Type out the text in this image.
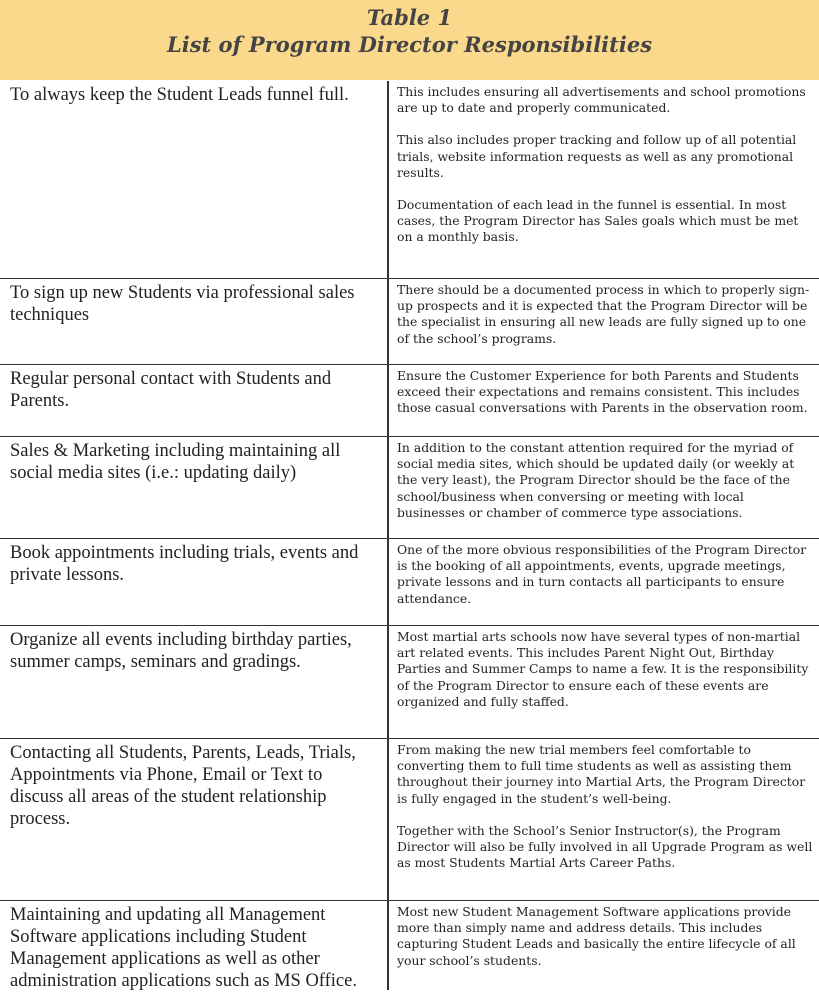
Table 1
List of Program Director Responsibilities
To always keep the Student Leads funnel full.	This includes ensuring all advertisements and school promotions are up to date and properly communicated.

This also includes proper tracking and follow up of all potential trials, website information requests as well as any promotional results.

Documentation of each lead in the funnel is essential. In most cases, the Program Director has Sales goals which must be met on a monthly basis.

To sign up new Students via professional sales techniques

There should be a documented process in which to properly sign-up prospects and it is expected that the Program Director will be the specialist in ensuring all new leads are fully signed up to one of the school’s programs.

Regular personal contact with Students and Parents.

Ensure the Customer Experience for both Parents and Students exceed their expectations and remains consistent. This includes those casual conversations with Parents in the observation room.

Sales & Marketing including maintaining all social media sites (i.e.: updating daily)

In addition to the constant attention required for the myriad of social media sites, which should be updated daily (or weekly at the very least), the Program Director should be the face of the school/business when conversing or meeting with local businesses or chamber of commerce type associations.

Book appointments including trials, events and private lessons.

One of the more obvious responsibilities of the Program Director is the booking of all appointments, events, upgrade meetings, private lessons and in turn contacts all participants to ensure attendance.

Organize all events including birthday parties, summer camps, seminars and gradings.

Most martial arts schools now have several types of non-martial art related events. This includes Parent Night Out, Birthday Parties and Summer Camps to name a few. It is the responsibility of the Program Director to ensure each of these events are organized and fully staffed.

Contacting all Students, Parents, Leads, Trials, Appointments via Phone, Email or Text to discuss all areas of the student relationship process.

From making the new trial members feel comfortable to converting them to full time students as well as assisting them throughout their journey into Martial Arts, the Program Director is fully engaged in the student’s well-being.

Together with the School’s Senior Instructor(s), the Program Director will also be fully involved in all Upgrade Program as well as most Students Martial Arts Career Paths.

Maintaining and updating all Management Software applications including Student Management applications as well as other administration applications such as MS Office.

Most new Student Management Software applications provide more than simply name and address details. This includes capturing Student Leads and basically the entire lifecycle of all your school’s students.
